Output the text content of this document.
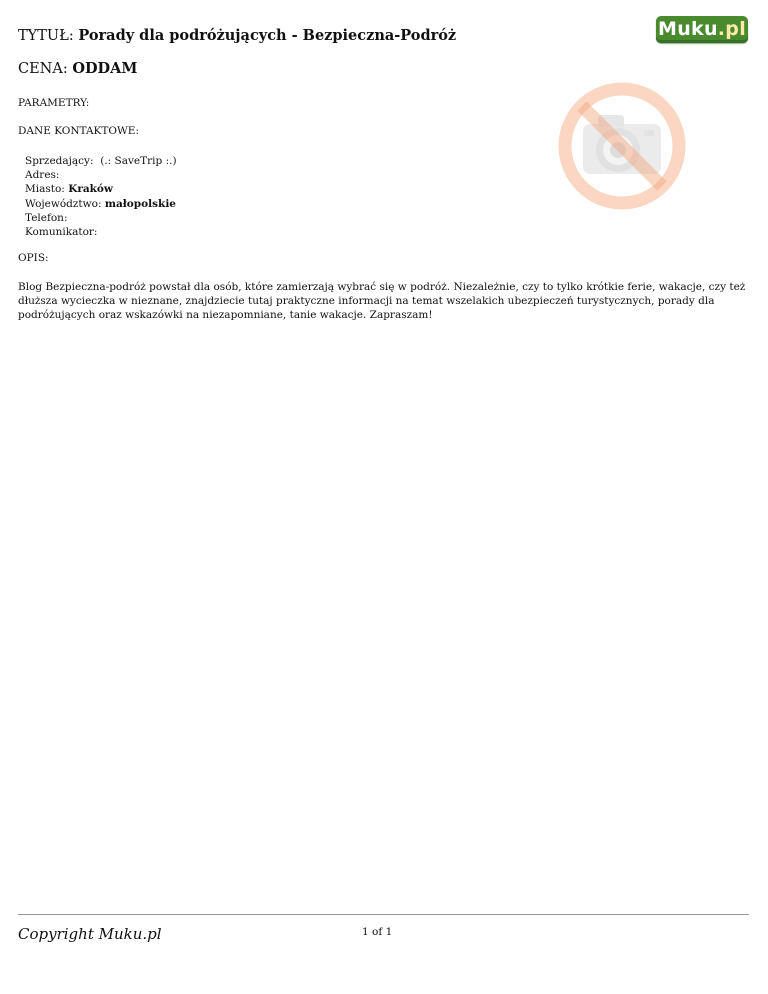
TYTUŁ: Porady dla podróżujących - Bezpieczna-Podróż	Muku.pl
CENA: ODDAM
PARAMETRY:
DANE KONTAKTOWE:
Sprzedający: (.: SaveTrip :.)
Adres:
Miasto: Kraków
Województwo: małopolskie
Telefon:
Komunikator:
OPIS:
Blog Bezpieczna-podróż powstał dla osób, które zamierzają wybrać się w podróż. Niezależnie, czy to tylko krótkie ferie, wakacje, czy też dłuższa wycieczka w nieznane, znajdziecie tutaj praktyczne informacji na temat wszelakich ubezpieczeń turystycznych, porady dla podróżujących oraz wskazówki na niezapomniane, tanie wakacje. Zapraszam!
Copyright Muku.pl	1 of 1
